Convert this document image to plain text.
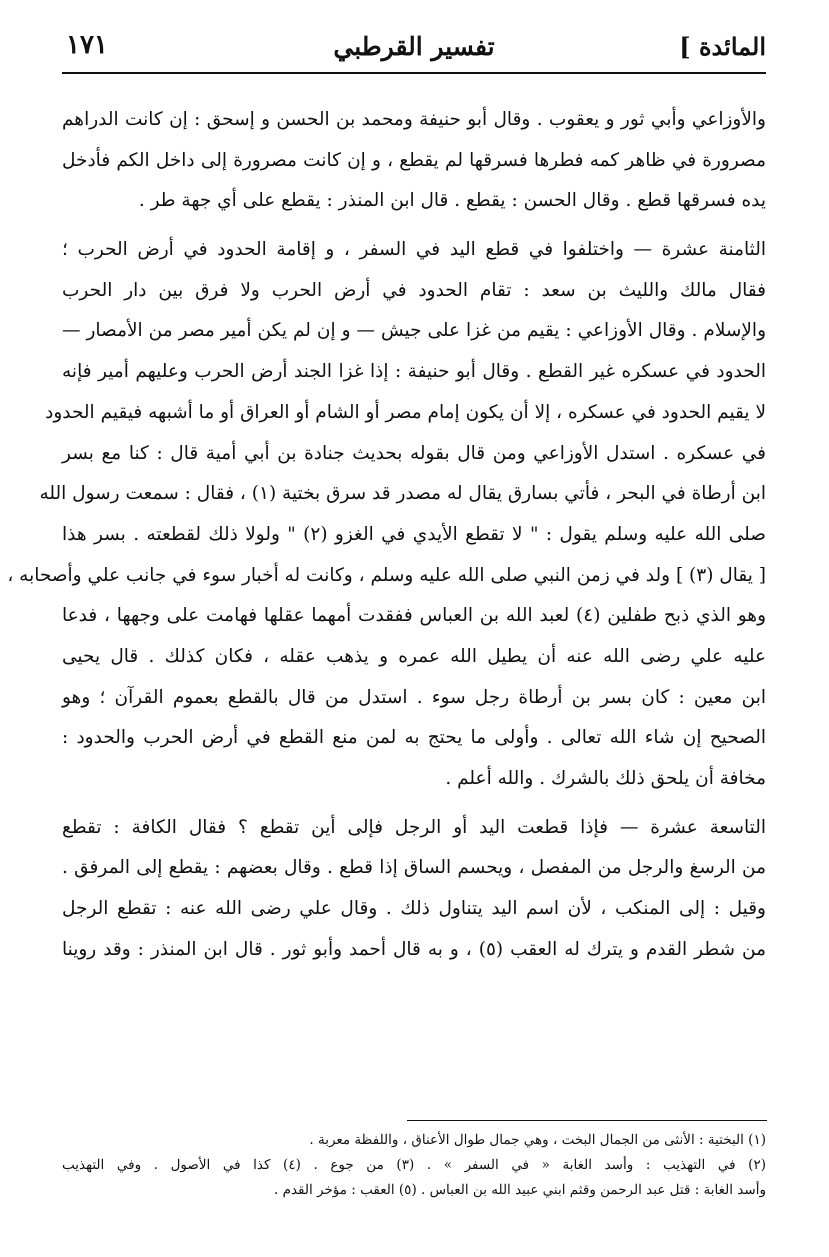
المائدة ]
تفسير القرطبي
١٧١
والأوزاعي وأبي ثور و يعقوب . وقال أبو حنيفة ومحمد بن الحسن و إسحق : إن كانت الدراهم
مصرورة في ظاهر كمه فطرها فسرقها لم يقطع ، و إن كانت مصرورة إلى داخل الكم فأدخل
يده فسرقها قطع . وقال الحسن : يقطع . قال ابن المنذر : يقطع على أي جهة طر .
الثامنة عشرة — واختلفوا في قطع اليد في السفر ، و إقامة الحدود في أرض الحرب ؛
فقال مالك والليث بن سعد : تقام الحدود في أرض الحرب ولا فرق بين دار الحرب
والإسلام . وقال الأوزاعي : يقيم من غزا على جيش — و إن لم يكن أمير مصر من الأمصار —
الحدود في عسكره غير القطع . وقال أبو حنيفة : إذا غزا الجند أرض الحرب وعليهم أمير فإنه
لا يقيم الحدود في عسكره ، إلا أن يكون إمام مصر أو الشام أو العراق أو ما أشبهه فيقيم الحدود
في عسكره . استدل الأوزاعي ومن قال بقوله بحديث جنادة بن أبي أمية قال : كنا مع بسر
ابن أرطاة في البحر ، فأتي بسارق يقال له مصدر قد سرق بختية (١) ، فقال : سمعت رسول الله
صلى الله عليه وسلم يقول : " لا تقطع الأيدي في الغزو (٢) " ولولا ذلك لقطعته . بسر هذا
[ يقال (٣) ] ولد في زمن النبي صلى الله عليه وسلم ، وكانت له أخبار سوء في جانب علي وأصحابه ،
وهو الذي ذبح طفلين (٤) لعبد الله بن العباس ففقدت أمهما عقلها فهامت على وجهها ، فدعا
عليه علي رضى الله عنه أن يطيل الله عمره و يذهب عقله ، فكان كذلك . قال يحيى
ابن معين : كان بسر بن أرطاة رجل سوء . استدل من قال بالقطع بعموم القرآن ؛ وهو
الصحيح إن شاء الله تعالى . وأولى ما يحتج به لمن منع القطع في أرض الحرب والحدود :
مخافة أن يلحق ذلك بالشرك . والله أعلم .
التاسعة عشرة — فإذا قطعت اليد أو الرجل فإلى أين تقطع ؟ فقال الكافة : تقطع
من الرسغ والرجل من المفصل ، ويحسم الساق إذا قطع . وقال بعضهم : يقطع إلى المرفق .
وقيل : إلى المنكب ، لأن اسم اليد يتناول ذلك . وقال علي رضى الله عنه : تقطع الرجل
من شطر القدم و يترك له العقب (٥) ، و به قال أحمد وأبو ثور . قال ابن المنذر : وقد روينا
(١) البختية : الأنثى من الجمال البخت ، وهي جمال طوال الأعناق ، واللفظة معربة .
(٢) في التهذيب : وأسد الغابة « في السفر » . (٣) من جوع . (٤) كذا في الأصول . وفي التهذيب
وأسد الغابة : قتل عبد الرحمن وقثم ابني عبيد الله بن العباس . (٥) العقب : مؤخر القدم .
